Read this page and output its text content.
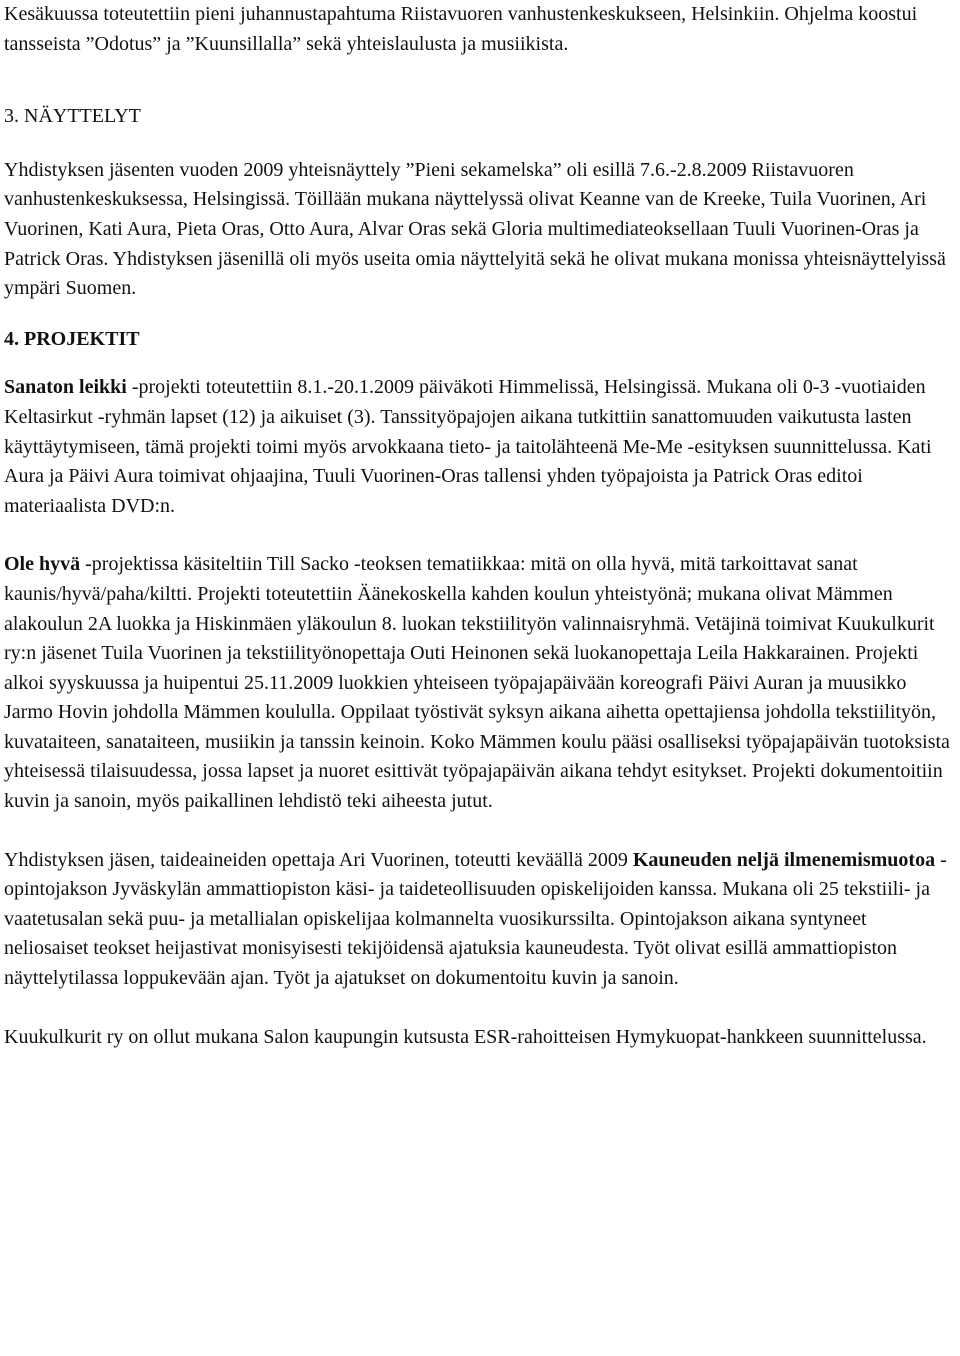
Kesäkuussa toteutettiin pieni juhannustapahtuma Riistavuoren vanhustenkeskukseen, Helsinkiin. Ohjelma koostui tansseista ”Odotus” ja ”Kuunsillalla” sekä yhteislaulusta ja musiikista.

3. NÄYTTELYT

Yhdistyksen jäsenten vuoden 2009 yhteisnäyttely ”Pieni sekamelska” oli esillä 7.6.-2.8.2009 Riistavuoren vanhustenkeskuksessa, Helsingissä. Töillään mukana näyttelyssä olivat Keanne van de Kreeke, Tuila Vuorinen, Ari Vuorinen, Kati Aura, Pieta Oras, Otto Aura, Alvar Oras sekä Gloria multimediateoksellaan Tuuli Vuorinen-Oras ja Patrick Oras. Yhdistyksen jäsenillä oli myös useita omia näyttelyitä sekä he olivat mukana monissa yhteisnäyttelyissä ympäri Suomen.

4. PROJEKTIT

Sanaton leikki -projekti toteutettiin 8.1.-20.1.2009 päiväkoti Himmelissä, Helsingissä. Mukana oli 0-3 -vuotiaiden Keltasirkut -ryhmän lapset (12) ja aikuiset (3). Tanssityöpajojen aikana tutkittiin sanattomuuden vaikutusta lasten käyttäytymiseen, tämä projekti toimi myös arvokkaana tieto- ja taitolähteenä Me-Me -esityksen suunnittelussa. Kati Aura ja Päivi Aura toimivat ohjaajina, Tuuli Vuorinen-Oras tallensi yhden työpajoista ja Patrick Oras editoi materiaalista DVD:n.

Ole hyvä -projektissa käsiteltiin Till Sacko -teoksen tematiikkaa: mitä on olla hyvä, mitä tarkoittavat sanat kaunis/hyvä/paha/kiltti. Projekti toteutettiin Äänekoskella kahden koulun yhteistyönä; mukana olivat Mämmen alakoulun 2A luokka ja Hiskinmäen yläkoulun 8. luokan tekstiilityön valinnaisryhmä. Vetäjinä toimivat Kuukulkurit ry:n jäsenet Tuila Vuorinen ja tekstiilityönopettaja Outi Heinonen sekä luokanopettaja Leila Hakkarainen. Projekti alkoi syyskuussa ja huipentui 25.11.2009 luokkien yhteiseen työpajapäivään koreografi Päivi Auran ja muusikko Jarmo Hovin johdolla Mämmen koululla. Oppilaat työstivät syksyn aikana aihetta opettajiensa johdolla tekstiilityön, kuvataiteen, sanataiteen, musiikin ja tanssin keinoin. Koko Mämmen koulu pääsi osalliseksi työpajapäivän tuotoksista yhteisessä tilaisuudessa, jossa lapset ja nuoret esittivät työpajapäivän aikana tehdyt esitykset. Projekti dokumentoitiin kuvin ja sanoin, myös paikallinen lehdistö teki aiheesta jutut.

Yhdistyksen jäsen, taideaineiden opettaja Ari Vuorinen, toteutti keväällä 2009 Kauneuden neljä ilmenemismuotoa -opintojakson Jyväskylän ammattiopiston käsi- ja taideteollisuuden opiskelijoiden kanssa. Mukana oli 25 tekstiili- ja vaatetusalan sekä puu- ja metallialan opiskelijaa kolmannelta vuosikurssilta. Opintojakson aikana syntyneet neliosaiset teokset heijastivat monisyisesti tekijöidensä ajatuksia kauneudesta. Työt olivat esillä ammattiopiston näyttelytilassa loppukevään ajan. Työt ja ajatukset on dokumentoitu kuvin ja sanoin.

Kuukulkurit ry on ollut mukana Salon kaupungin kutsusta ESR-rahoitteisen Hymykuopat-hankkeen suunnittelussa.
